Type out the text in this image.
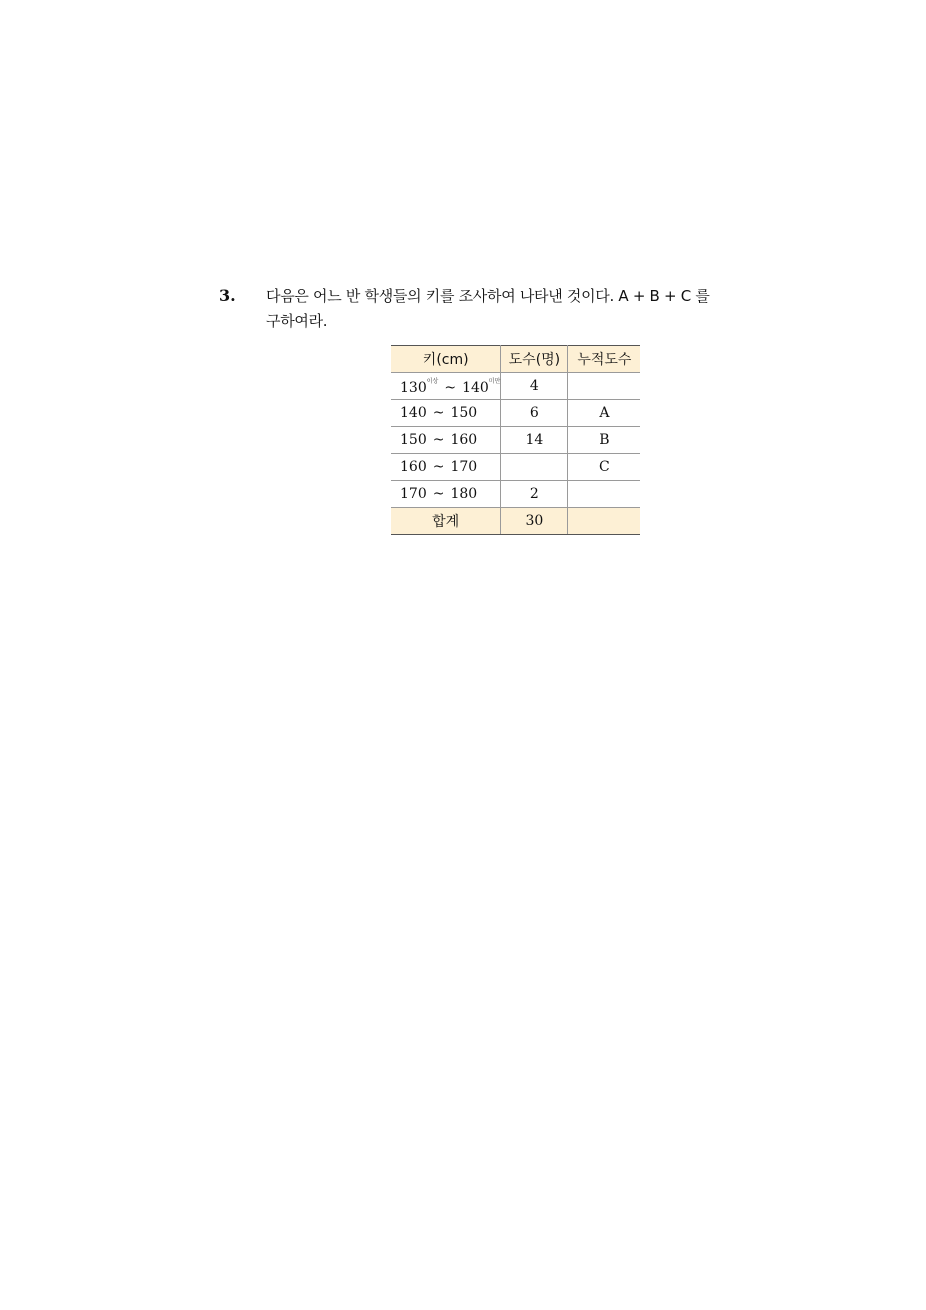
3. 다음은 어느 반 학생들의 키를 조사하여 나타낸 것이다. A + B + C 를
구하여라.
키(cm)	도수(명)	누적도수
130$^{이상}$ ~ 140$^{미만}$	4	
140 ~ 150	6	A
150 ~ 160	14	B
160 ~ 170		C
170 ~ 180	2	
합계	30	
